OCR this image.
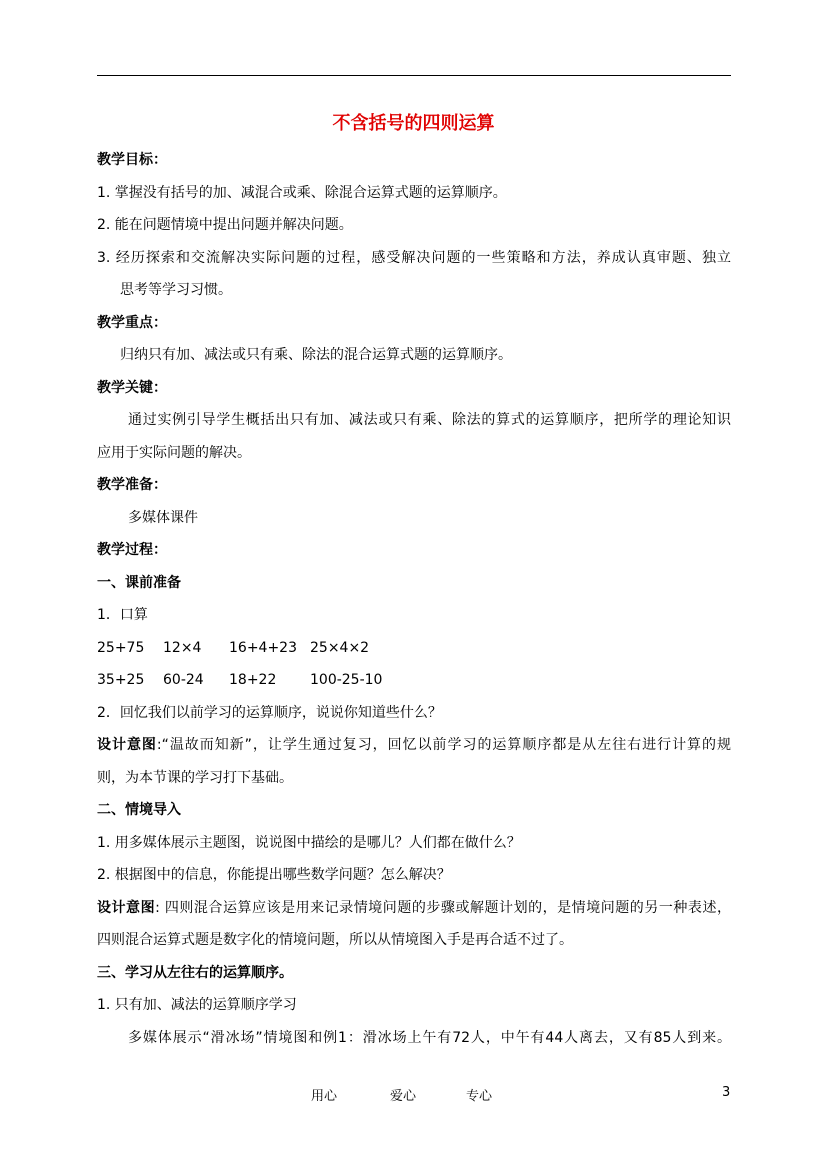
不含括号的四则运算
教学目标：
1. 掌握没有括号的加、减混合或乘、除混合运算式题的运算顺序。
2. 能在问题情境中提出问题并解决问题。
3. 经历探索和交流解决实际问题的过程，感受解决问题的一些策略和方法，养成认真审题、独立
思考等学习习惯。
教学重点：
归纳只有加、减法或只有乘、除法的混合运算式题的运算顺序。
教学关键：
通过实例引导学生概括出只有加、减法或只有乘、除法的算式的运算顺序，把所学的理论知识
应用于实际问题的解决。
教学准备：
多媒体课件
教学过程：
一、课前准备
1．口算
25+75 12×4 16+4+23 25×4×2
35+25 60-24 18+22 100-25-10
2．回忆我们以前学习的运算顺序，说说你知道些什么？
设计意图:“温故而知新”，让学生通过复习，回忆以前学习的运算顺序都是从左往右进行计算的规
则，为本节课的学习打下基础。
二、情境导入
1. 用多媒体展示主题图，说说图中描绘的是哪儿？人们都在做什么？
2. 根据图中的信息，你能提出哪些数学问题？怎么解决？
设计意图: 四则混合运算应该是用来记录情境问题的步骤或解题计划的，是情境问题的另一种表述，
四则混合运算式题是数字化的情境问题，所以从情境图入手是再合适不过了。
三、学习从左往右的运算顺序。
1. 只有加、减法的运算顺序学习
多媒体展示“滑冰场”情境图和例1：滑冰场上午有72人，中午有44人离去，又有85人到来。
用心	爱心	专心	3
